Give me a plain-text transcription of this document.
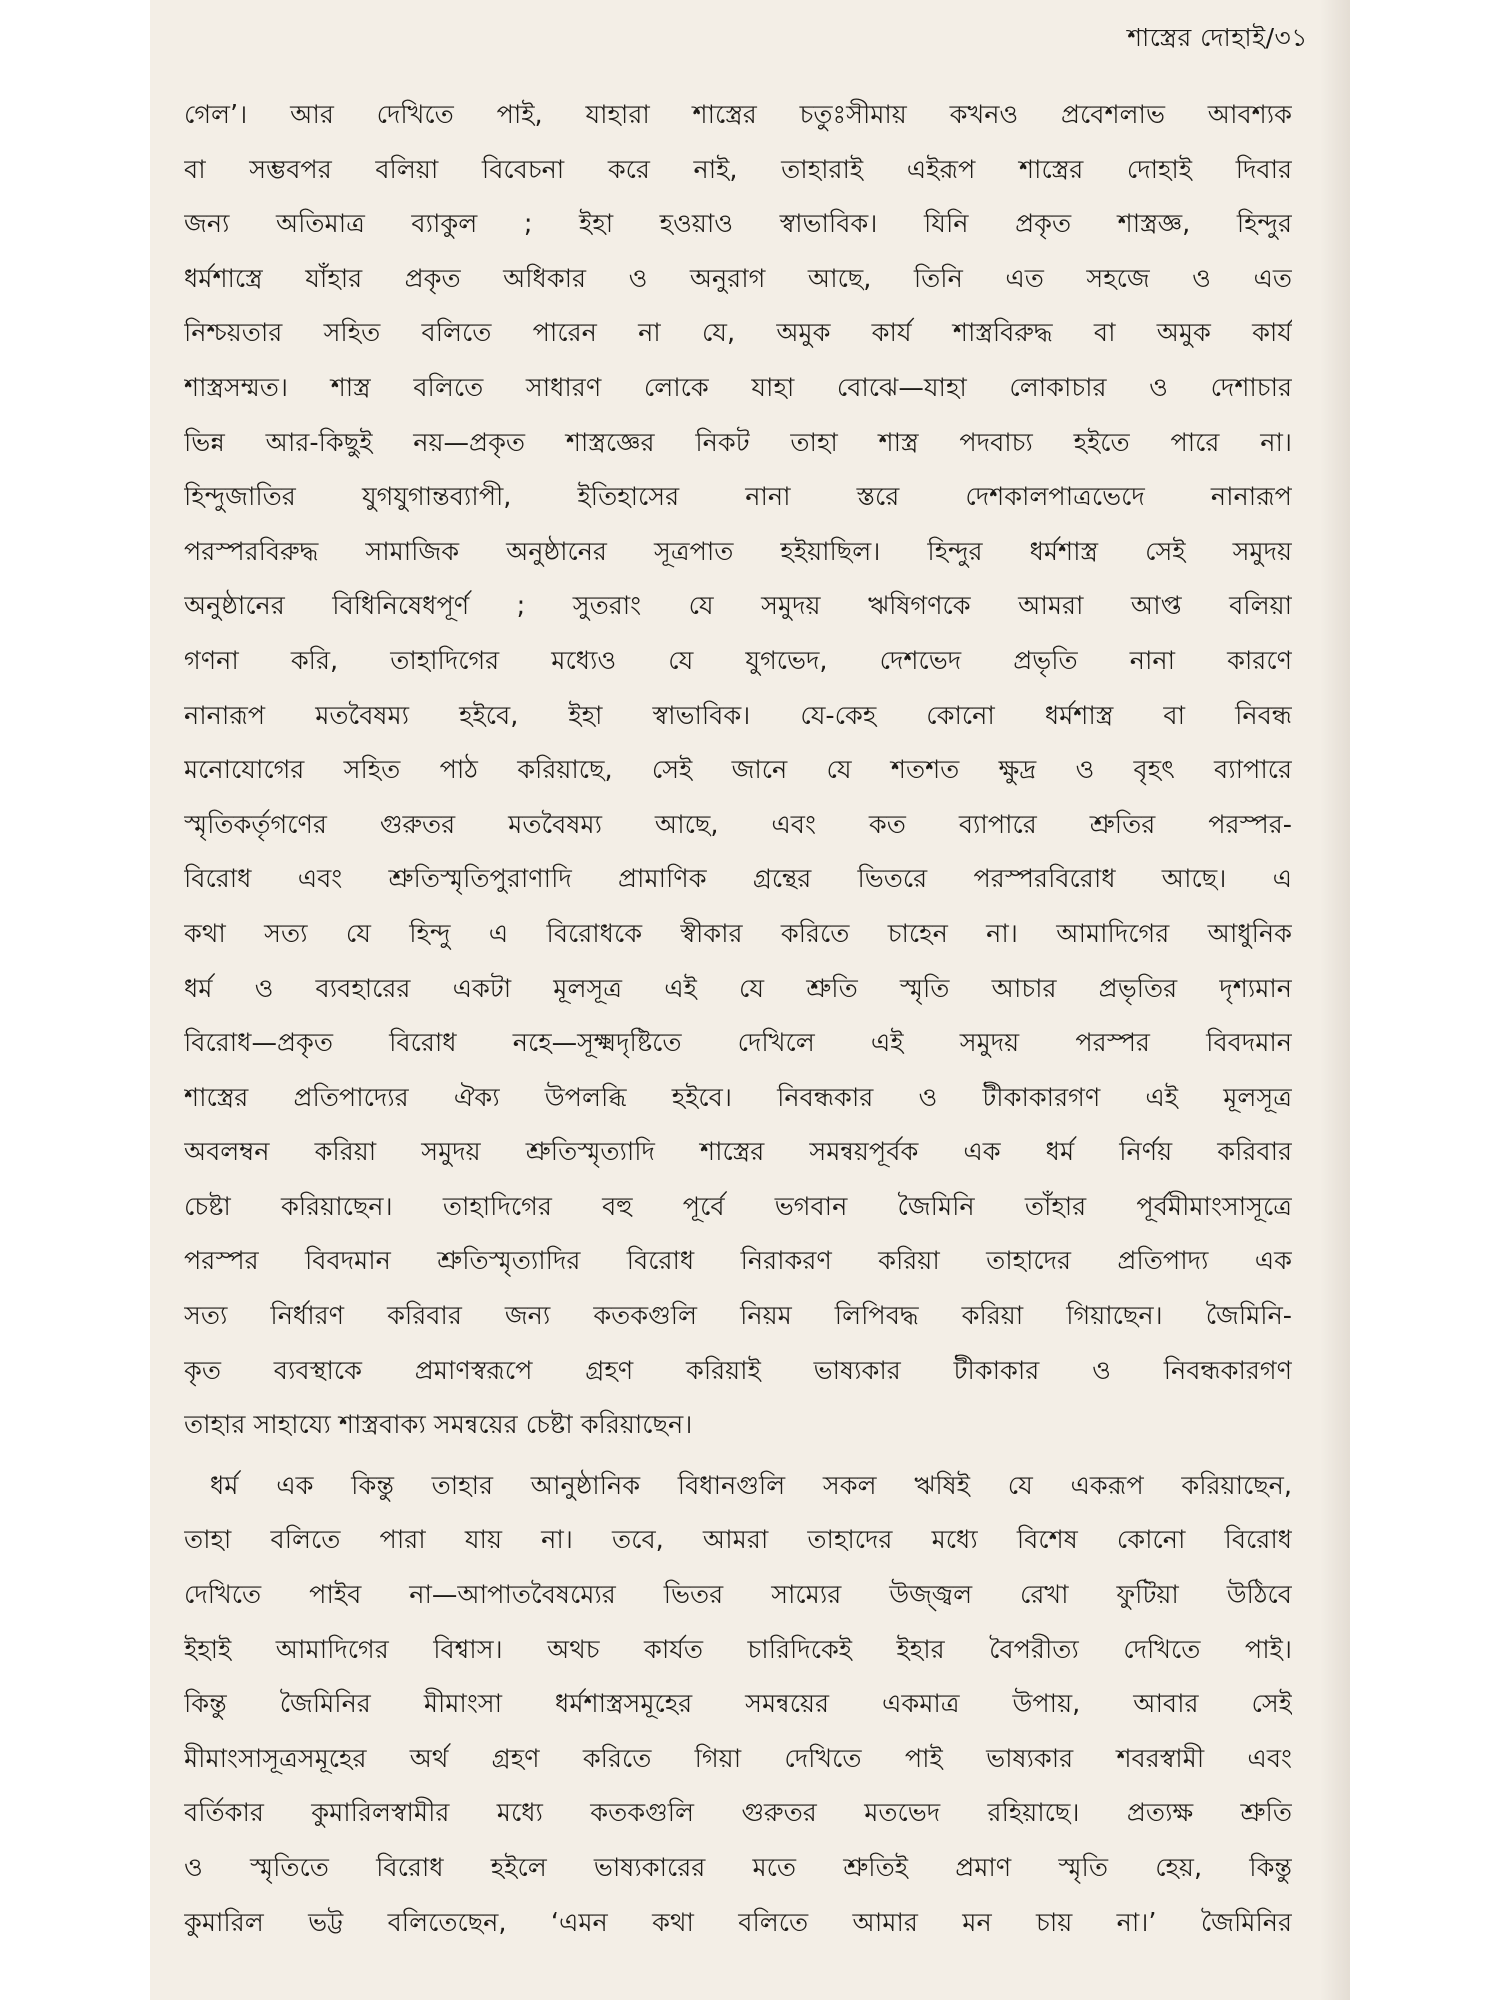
শাস্ত্রের দোহাই/৩১
গেল’। আর দেখিতে পাই, যাহারা শাস্ত্রের চতুঃসীমায় কখনও প্রবেশলাভ আবশ্যক
বা সম্ভবপর বলিয়া বিবেচনা করে নাই, তাহারাই এইরূপ শাস্ত্রের দোহাই দিবার
জন্য অতিমাত্র ব্যাকুল ; ইহা হওয়াও স্বাভাবিক। যিনি প্রকৃত শাস্ত্রজ্ঞ, হিন্দুর
ধর্মশাস্ত্রে যাঁহার প্রকৃত অধিকার ও অনুরাগ আছে, তিনি এত সহজে ও এত
নিশ্চয়তার সহিত বলিতে পারেন না যে, অমুক কার্য শাস্ত্রবিরুদ্ধ বা অমুক কার্য
শাস্ত্রসম্মত। শাস্ত্র বলিতে সাধারণ লোকে যাহা বোঝে—যাহা লোকাচার ও দেশাচার
ভিন্ন আর-কিছুই নয়—প্রকৃত শাস্ত্রজ্ঞের নিকট তাহা শাস্ত্র পদবাচ্য হইতে পারে না।
হিন্দুজাতির যুগযুগান্তব্যাপী, ইতিহাসের নানা স্তরে দেশকালপাত্রভেদে নানারূপ
পরস্পরবিরুদ্ধ সামাজিক অনুষ্ঠানের সূত্রপাত হইয়াছিল। হিন্দুর ধর্মশাস্ত্র সেই সমুদয়
অনুষ্ঠানের বিধিনিষেধপূর্ণ ; সুতরাং যে সমুদয় ঋষিগণকে আমরা আপ্ত বলিয়া
গণনা করি, তাহাদিগের মধ্যেও যে যুগভেদ, দেশভেদ প্রভৃতি নানা কারণে
নানারূপ মতবৈষম্য হইবে, ইহা স্বাভাবিক। যে-কেহ কোনো ধর্মশাস্ত্র বা নিবন্ধ
মনোযোগের সহিত পাঠ করিয়াছে, সেই জানে যে শতশত ক্ষুদ্র ও বৃহৎ ব্যাপারে
স্মৃতিকর্তৃগণের গুরুতর মতবৈষম্য আছে, এবং কত ব্যাপারে শ্রুতির পরস্পর-
বিরোধ এবং শ্রুতিস্মৃতিপুরাণাদি প্রামাণিক গ্রন্থের ভিতরে পরস্পরবিরোধ আছে। এ
কথা সত্য যে হিন্দু এ বিরোধকে স্বীকার করিতে চাহেন না। আমাদিগের আধুনিক
ধর্ম ও ব্যবহারের একটা মূলসূত্র এই যে শ্রুতি স্মৃতি আচার প্রভৃতির দৃশ্যমান
বিরোধ—প্রকৃত বিরোধ নহে—সূক্ষ্মদৃষ্টিতে দেখিলে এই সমুদয় পরস্পর বিবদমান
শাস্ত্রের প্রতিপাদ্যের ঐক্য উপলব্ধি হইবে। নিবন্ধকার ও টীকাকারগণ এই মূলসূত্র
অবলম্বন করিয়া সমুদয় শ্রুতিস্মৃত্যাদি শাস্ত্রের সমন্বয়পূর্বক এক ধর্ম নির্ণয় করিবার
চেষ্টা করিয়াছেন। তাহাদিগের বহু পূর্বে ভগবান জৈমিনি তাঁহার পূর্বমীমাংসাসূত্রে
পরস্পর বিবদমান শ্রুতিস্মৃত্যাদির বিরোধ নিরাকরণ করিয়া তাহাদের প্রতিপাদ্য এক
সত্য নির্ধারণ করিবার জন্য কতকগুলি নিয়ম লিপিবদ্ধ করিয়া গিয়াছেন। জৈমিনি-
কৃত ব্যবস্থাকে প্রমাণস্বরূপে গ্রহণ করিয়াই ভাষ্যকার টীকাকার ও নিবন্ধকারগণ
তাহার সাহায্যে শাস্ত্রবাক্য সমন্বয়ের চেষ্টা করিয়াছেন।
ধর্ম এক কিন্তু তাহার আনুষ্ঠানিক বিধানগুলি সকল ঋষিই যে একরূপ করিয়াছেন,
তাহা বলিতে পারা যায় না। তবে, আমরা তাহাদের মধ্যে বিশেষ কোনো বিরোধ
দেখিতে পাইব না—আপাতবৈষম্যের ভিতর সাম্যের উজ্জ্বল রেখা ফুটিয়া উঠিবে
ইহাই আমাদিগের বিশ্বাস। অথচ কার্যত চারিদিকেই ইহার বৈপরীত্য দেখিতে পাই।
কিন্তু জৈমিনির মীমাংসা ধর্মশাস্ত্রসমূহের সমন্বয়ের একমাত্র উপায়, আবার সেই
মীমাংসাসূত্রসমূহের অর্থ গ্রহণ করিতে গিয়া দেখিতে পাই ভাষ্যকার শবরস্বামী এবং
বর্তিকার কুমারিলস্বামীর মধ্যে কতকগুলি গুরুতর মতভেদ রহিয়াছে। প্রত্যক্ষ শ্রুতি
ও স্মৃতিতে বিরোধ হইলে ভাষ্যকারের মতে শ্রুতিই প্রমাণ স্মৃতি হেয়, কিন্তু
কুমারিল ভট্ট বলিতেছেন, ‘এমন কথা বলিতে আমার মন চায় না।’ জৈমিনির
